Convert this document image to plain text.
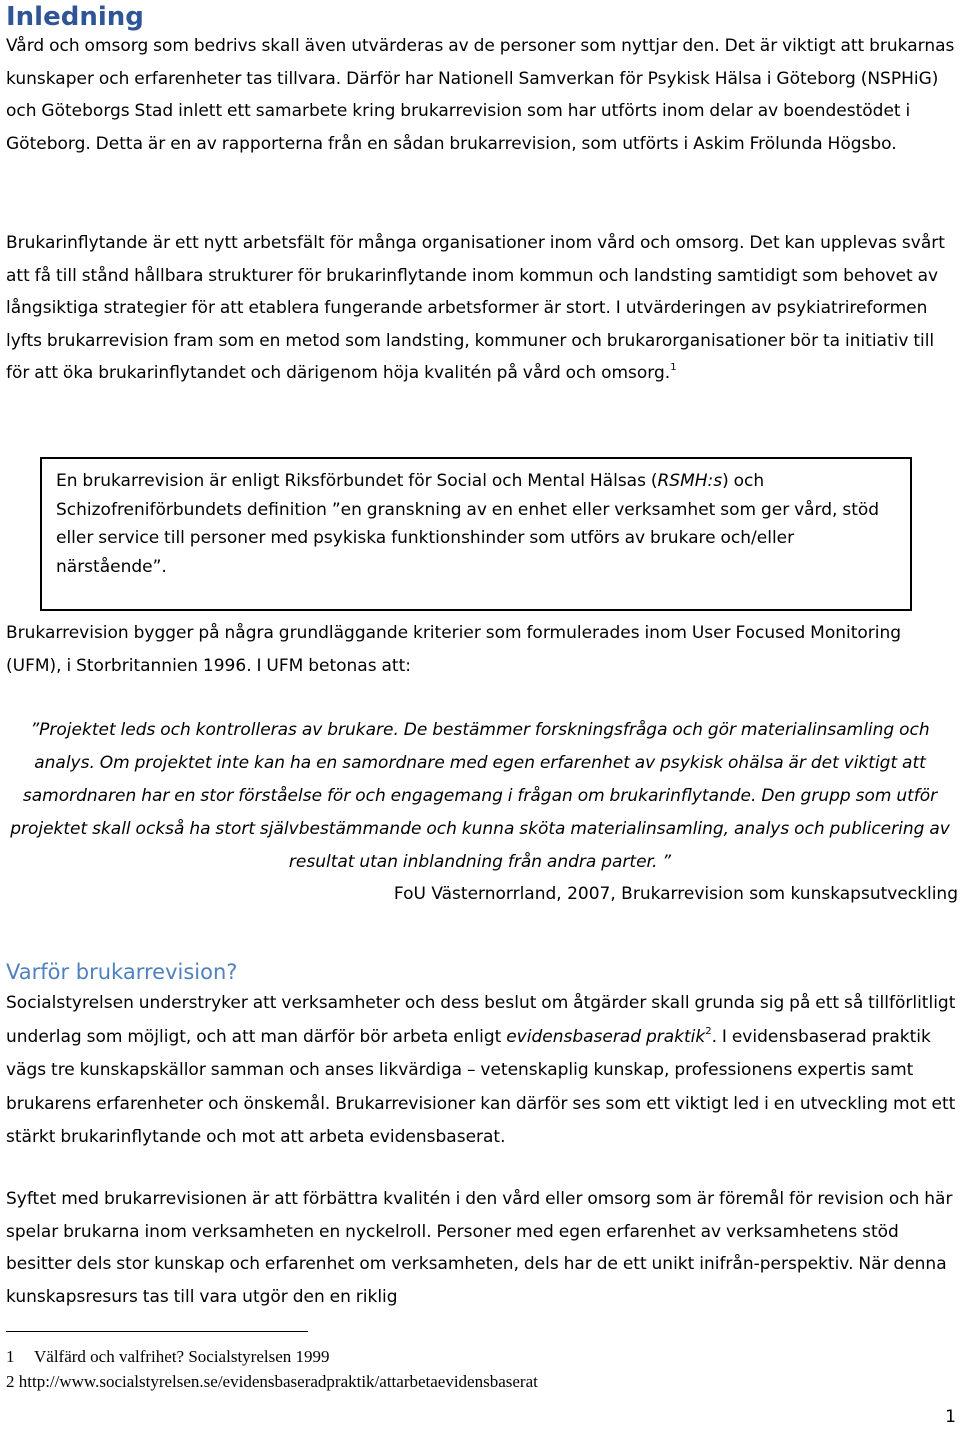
Inledning

Vård och omsorg som bedrivs skall även utvärderas av de personer som nyttjar den. Det är viktigt att brukarnas kunskaper och erfarenheter tas tillvara. Därför har Nationell Samverkan för Psykisk Hälsa i Göteborg (NSPHiG) och Göteborgs Stad inlett ett samarbete kring brukarrevision som har utförts inom delar av boendestödet i Göteborg. Detta är en av rapporterna från en sådan brukarrevision, som utförts i Askim Frölunda Högsbo.

Brukarinflytande är ett nytt arbetsfält för många organisationer inom vård och omsorg. Det kan upplevas svårt att få till stånd hållbara strukturer för brukarinflytande inom kommun och landsting samtidigt som behovet av långsiktiga strategier för att etablera fungerande arbetsformer är stort. I utvärderingen av psykiatrireformen lyfts brukarrevision fram som en metod som landsting, kommuner och brukarorganisationer bör ta initiativ till för att öka brukarinflytandet och därigenom höja kvalitén på vård och omsorg.$^1$

En brukarrevision är enligt Riksförbundet för Social och Mental Hälsas (RSMH:s) och Schizofreniförbundets definition ”en granskning av en enhet eller verksamhet som ger vård, stöd eller service till personer med psykiska funktionshinder som utförs av brukare och/eller närstående”.

Brukarrevision bygger på några grundläggande kriterier som formulerades inom User Focused Monitoring (UFM), i Storbritannien 1996. I UFM betonas att:

”Projektet leds och kontrolleras av brukare. De bestämmer forskningsfråga och gör materialinsamling och analys. Om projektet inte kan ha en samordnare med egen erfarenhet av psykisk ohälsa är det viktigt att samordnaren har en stor förståelse för och engagemang i frågan om brukarinflytande. Den grupp som utför projektet skall också ha stort självbestämmande och kunna sköta materialinsamling, analys och publicering av resultat utan inblandning från andra parter. ”

FoU Västernorrland, 2007, Brukarrevision som kunskapsutveckling

Varför brukarrevision?

Socialstyrelsen understryker att verksamheter och dess beslut om åtgärder skall grunda sig på ett så tillförlitligt underlag som möjligt, och att man därför bör arbeta enligt evidensbaserad praktik$^2$. I evidensbaserad praktik vägs tre kunskapskällor samman och anses likvärdiga – vetenskaplig kunskap, professionens expertis samt brukarens erfarenheter och önskemål. Brukarrevisioner kan därför ses som ett viktigt led i en utveckling mot ett stärkt brukarinflytande och mot att arbeta evidensbaserat.

Syftet med brukarrevisionen är att förbättra kvalitén i den vård eller omsorg som är föremål för revision och här spelar brukarna inom verksamheten en nyckelroll. Personer med egen erfarenhet av verksamhetens stöd besitter dels stor kunskap och erfarenhet om verksamheten, dels har de ett unikt inifrån-perspektiv. När denna kunskapsresurs tas till vara utgör den en riklig

1 Välfärd och valfrihet? Socialstyrelsen 1999

2 http://www.socialstyrelsen.se/evidensbaseradpraktik/attarbetaevidensbaserat

1
